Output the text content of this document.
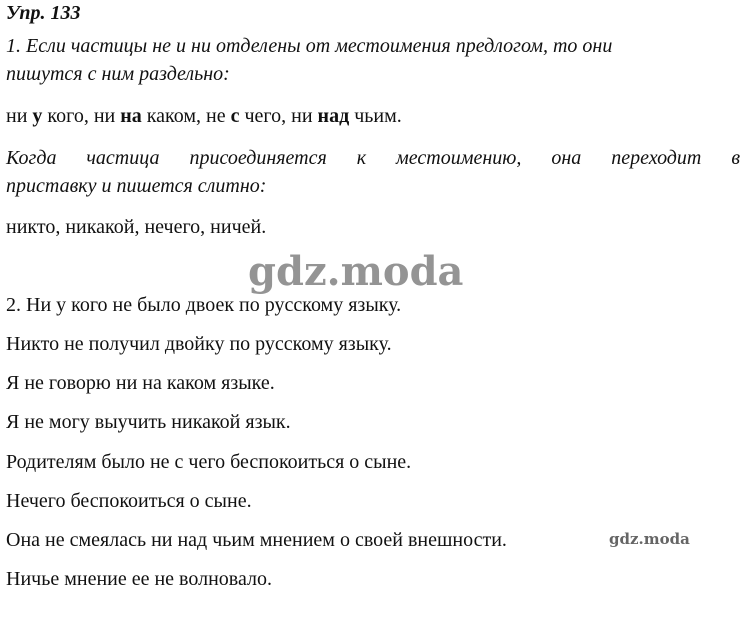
Упр. 133
1. Если частицы не и ни отделены от местоимения предлогом, то они
пишутся с ним раздельно:
ни у кого, ни на каком, не с чего, ни над чьим.
Когда частица присоединяется к местоимению, она переходит в
приставку и пишется слитно:
никто, никакой, нечего, ничей.
2. Ни у кого не было двоек по русскому языку.
Никто не получил двойку по русскому языку.
Я не говорю ни на каком языке.
Я не могу выучить никакой язык.
Родителям было не с чего беспокоиться о сыне.
Нечего беспокоиться о сыне.
Она не смеялась ни над чьим мнением о своей внешности.
Ничье мнение ее не волновало.
gdz.moda
gdz.moda
